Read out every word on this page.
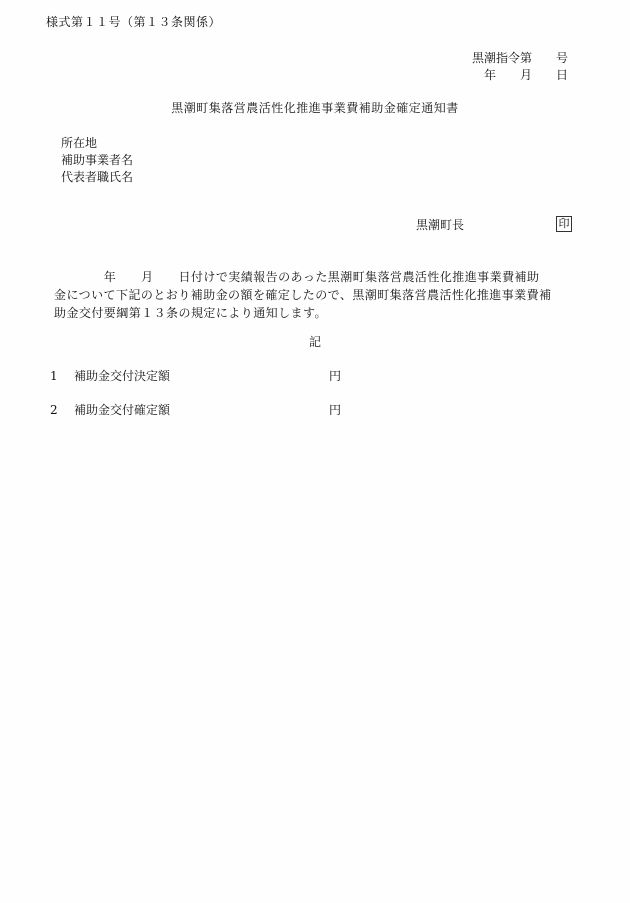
様式第１１号（第１３条関係）
黒潮指令第　　号
年　　月　　日
黒潮町集落営農活性化推進事業費補助金確定通知書
所在地
補助事業者名
代表者職氏名
黒潮町長	印
　　　　年　　月　　日付けで実績報告のあった黒潮町集落営農活性化推進事業費補助
金について下記のとおり補助金の額を確定したので、黒潮町集落営農活性化推進事業費補
助金交付要綱第１３条の規定により通知します。
記
1 補助金交付決定額	円
2 補助金交付確定額	円
